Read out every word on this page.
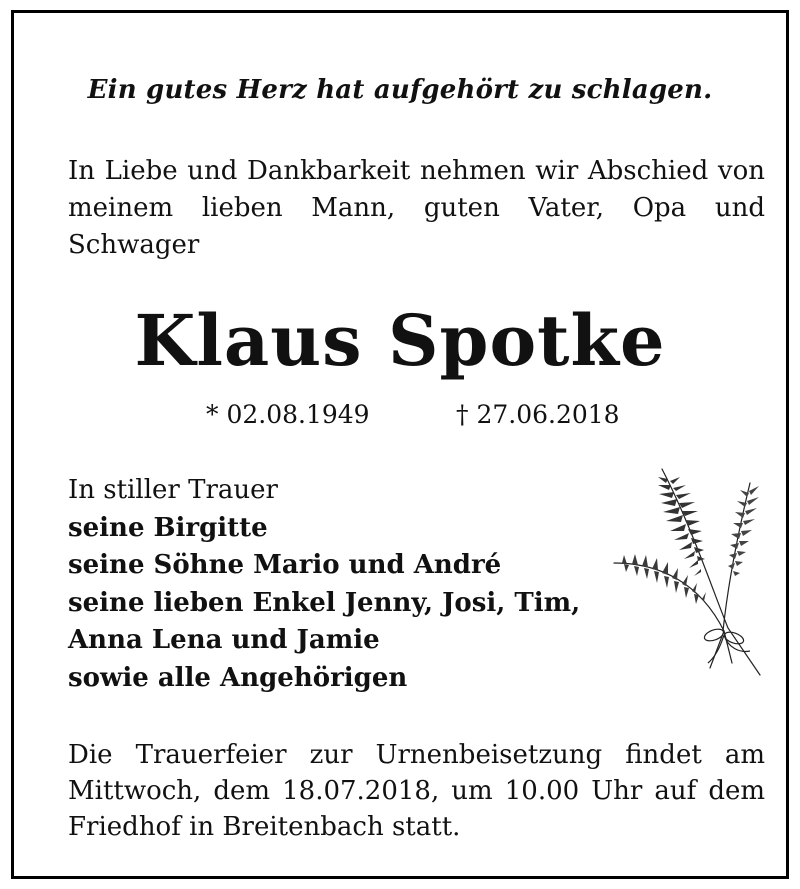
Ein gutes Herz hat aufgehört zu schlagen.
In Liebe und Dankbarkeit nehmen wir Abschied von meinem lieben Mann, guten Vater, Opa und Schwager
Klaus Spotke
* 02.08.1949	† 27.06.2018
In stiller Trauer
seine Birgitte
seine Söhne Mario und André
seine lieben Enkel Jenny, Josi, Tim,
Anna Lena und Jamie
sowie alle Angehörigen
Die Trauerfeier zur Urnenbeisetzung findet am Mittwoch, dem 18.07.2018, um 10.00 Uhr auf dem Friedhof in Breitenbach statt.
